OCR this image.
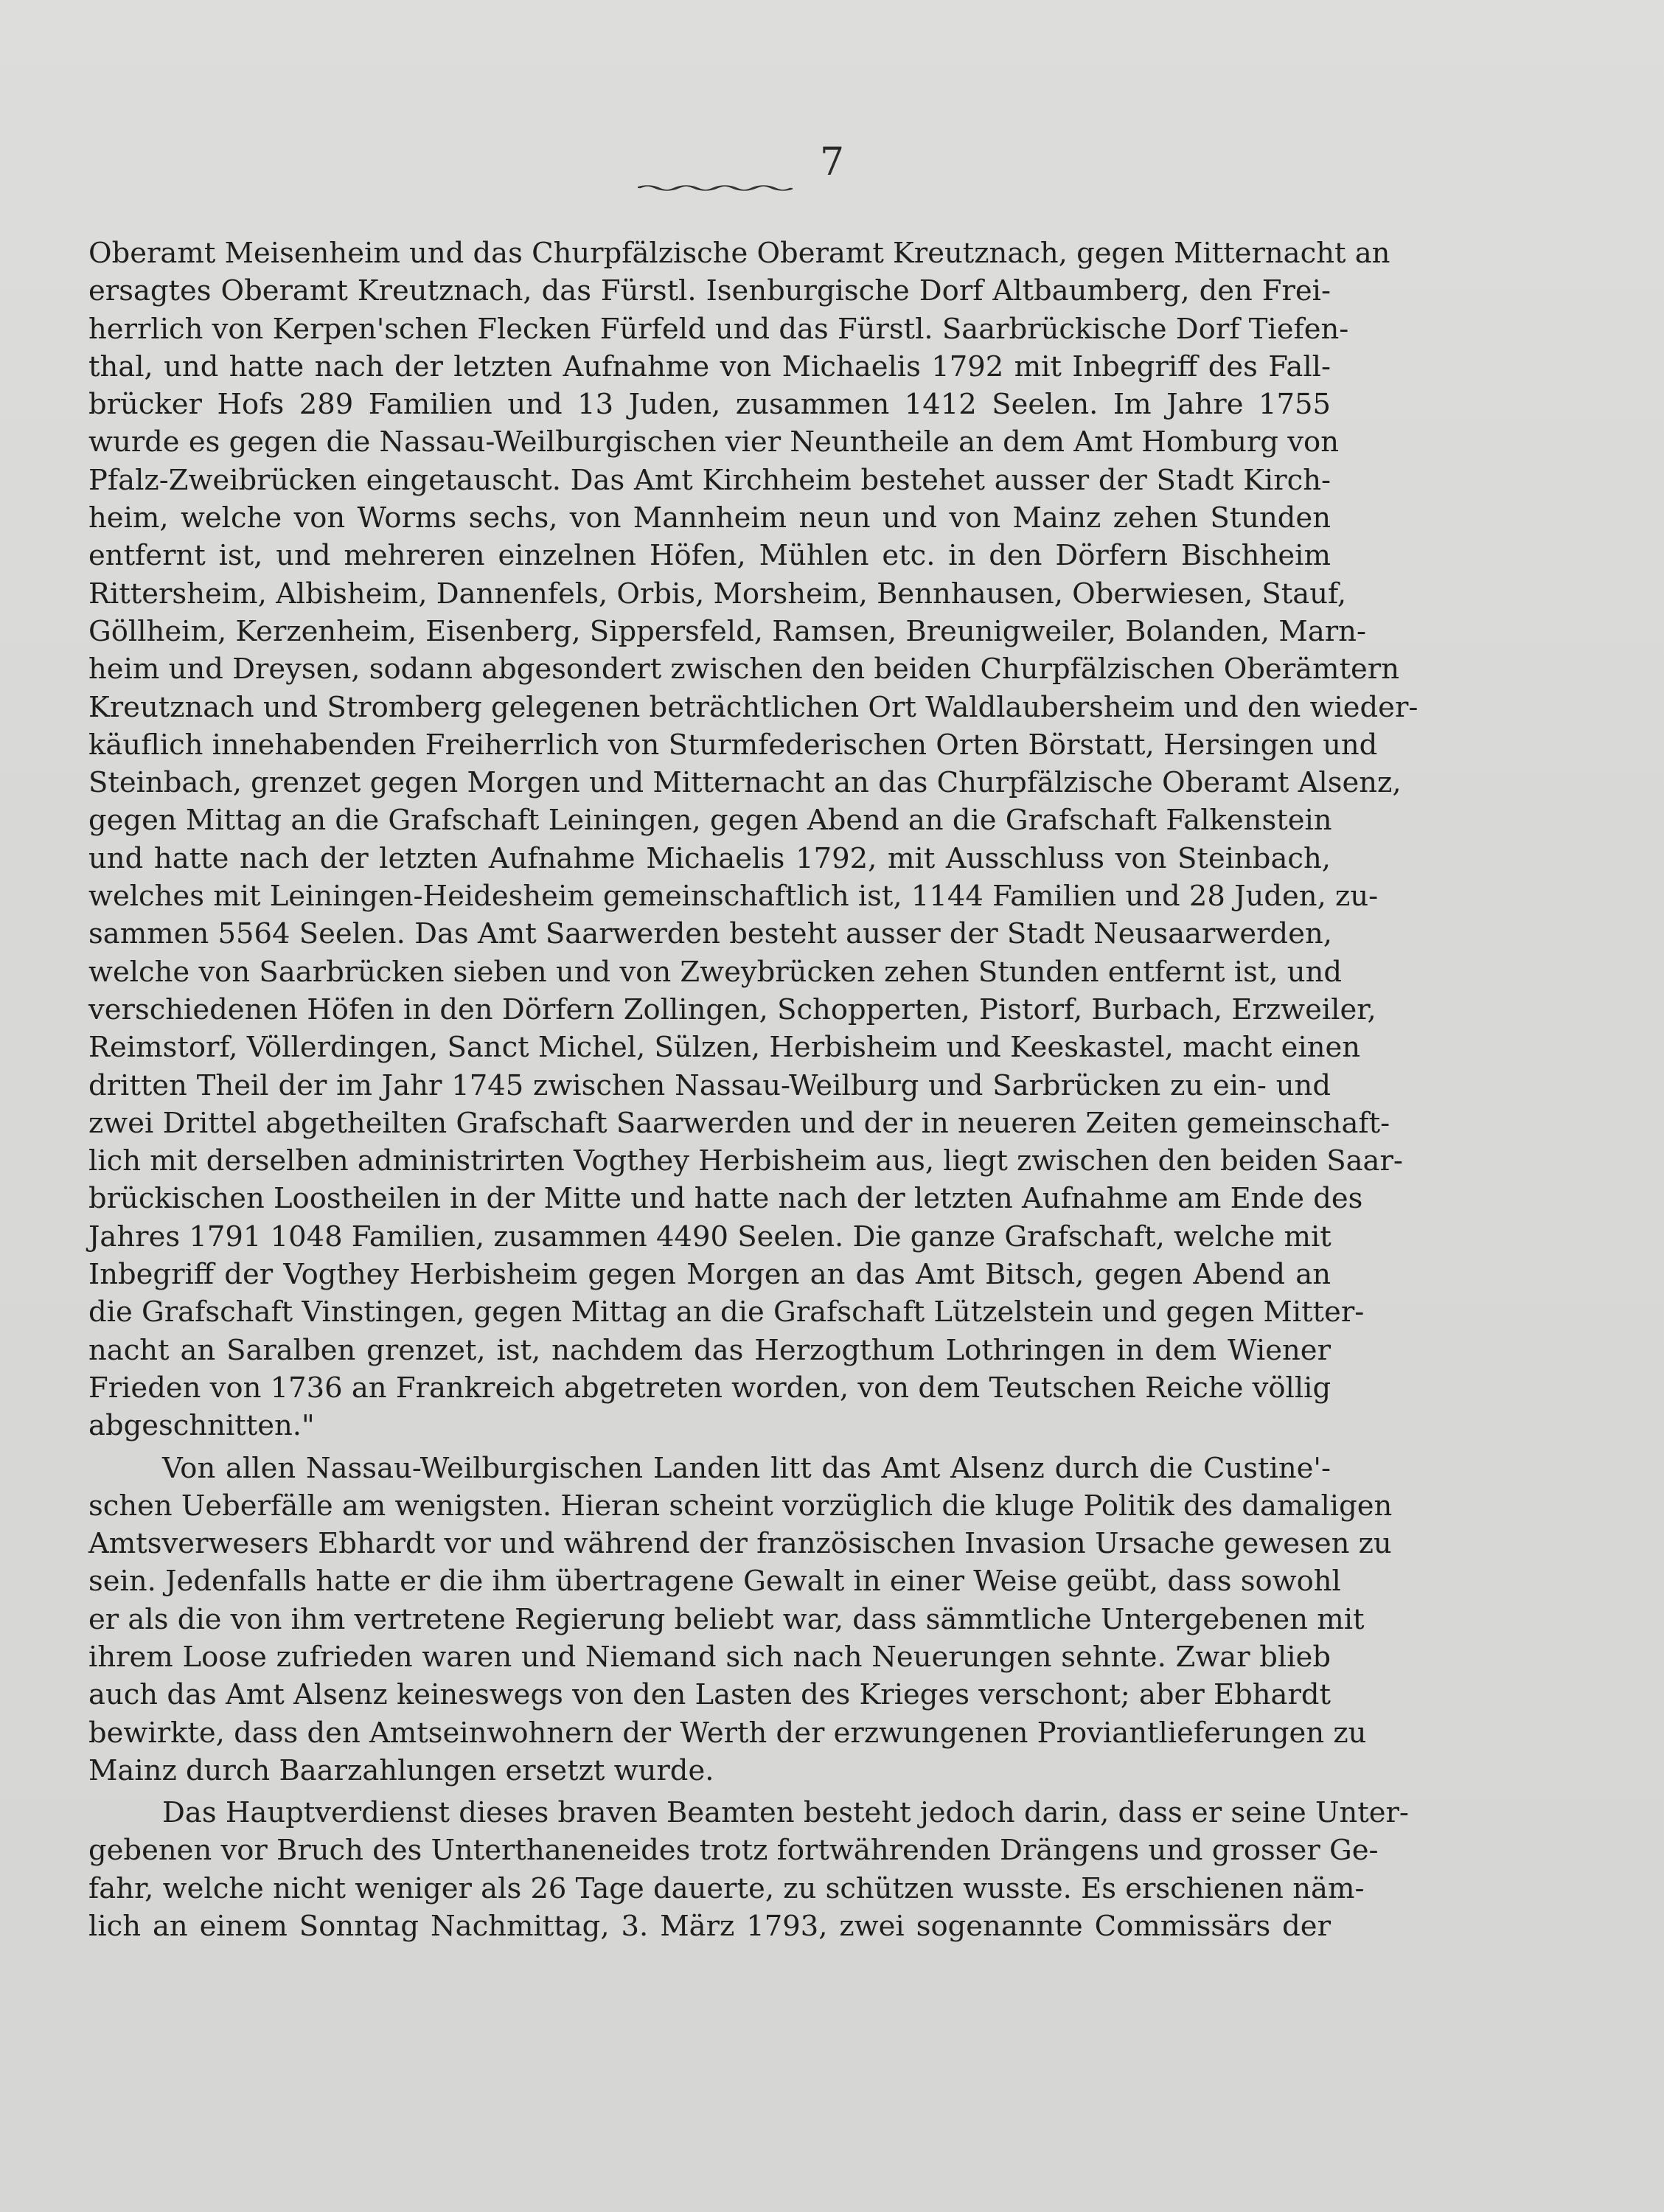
7
Oberamt Meisenheim und das Churpfälzische Oberamt Kreutznach, gegen Mitternacht an
ersagtes Oberamt Kreutznach, das Fürstl. Isenburgische Dorf Altbaumberg, den Frei-
herrlich von Kerpen'schen Flecken Fürfeld und das Fürstl. Saarbrückische Dorf Tiefen-
thal, und hatte nach der letzten Aufnahme von Michaelis 1792 mit Inbegriff des Fall-
brücker Hofs 289 Familien und 13 Juden, zusammen 1412 Seelen. Im Jahre 1755
wurde es gegen die Nassau-Weilburgischen vier Neuntheile an dem Amt Homburg von
Pfalz-Zweibrücken eingetauscht. Das Amt Kirchheim bestehet ausser der Stadt Kirch-
heim, welche von Worms sechs, von Mannheim neun und von Mainz zehen Stunden
entfernt ist, und mehreren einzelnen Höfen, Mühlen etc. in den Dörfern Bischheim
Rittersheim, Albisheim, Dannenfels, Orbis, Morsheim, Bennhausen, Oberwiesen, Stauf,
Göllheim, Kerzenheim, Eisenberg, Sippersfeld, Ramsen, Breunigweiler, Bolanden, Marn-
heim und Dreysen, sodann abgesondert zwischen den beiden Churpfälzischen Oberämtern
Kreutznach und Stromberg gelegenen beträchtlichen Ort Waldlaubersheim und den wieder-
käuflich innehabenden Freiherrlich von Sturmfederischen Orten Börstatt, Hersingen und
Steinbach, grenzet gegen Morgen und Mitternacht an das Churpfälzische Oberamt Alsenz,
gegen Mittag an die Grafschaft Leiningen, gegen Abend an die Grafschaft Falkenstein
und hatte nach der letzten Aufnahme Michaelis 1792, mit Ausschluss von Steinbach,
welches mit Leiningen-Heidesheim gemeinschaftlich ist, 1144 Familien und 28 Juden, zu-
sammen 5564 Seelen. Das Amt Saarwerden besteht ausser der Stadt Neusaarwerden,
welche von Saarbrücken sieben und von Zweybrücken zehen Stunden entfernt ist, und
verschiedenen Höfen in den Dörfern Zollingen, Schopperten, Pistorf, Burbach, Erzweiler,
Reimstorf, Völlerdingen, Sanct Michel, Sülzen, Herbisheim und Keeskastel, macht einen
dritten Theil der im Jahr 1745 zwischen Nassau-Weilburg und Sarbrücken zu ein- und
zwei Drittel abgetheilten Grafschaft Saarwerden und der in neueren Zeiten gemeinschaft-
lich mit derselben administrirten Vogthey Herbisheim aus, liegt zwischen den beiden Saar-
brückischen Loostheilen in der Mitte und hatte nach der letzten Aufnahme am Ende des
Jahres 1791 1048 Familien, zusammen 4490 Seelen. Die ganze Grafschaft, welche mit
Inbegriff der Vogthey Herbisheim gegen Morgen an das Amt Bitsch, gegen Abend an
die Grafschaft Vinstingen, gegen Mittag an die Grafschaft Lützelstein und gegen Mitter-
nacht an Saralben grenzet, ist, nachdem das Herzogthum Lothringen in dem Wiener
Frieden von 1736 an Frankreich abgetreten worden, von dem Teutschen Reiche völlig
abgeschnitten."
Von allen Nassau-Weilburgischen Landen litt das Amt Alsenz durch die Custine'-
schen Ueberfälle am wenigsten. Hieran scheint vorzüglich die kluge Politik des damaligen
Amtsverwesers Ebhardt vor und während der französischen Invasion Ursache gewesen zu
sein. Jedenfalls hatte er die ihm übertragene Gewalt in einer Weise geübt, dass sowohl
er als die von ihm vertretene Regierung beliebt war, dass sämmtliche Untergebenen mit
ihrem Loose zufrieden waren und Niemand sich nach Neuerungen sehnte. Zwar blieb
auch das Amt Alsenz keineswegs von den Lasten des Krieges verschont; aber Ebhardt
bewirkte, dass den Amtseinwohnern der Werth der erzwungenen Proviantlieferungen zu
Mainz durch Baarzahlungen ersetzt wurde.
Das Hauptverdienst dieses braven Beamten besteht jedoch darin, dass er seine Unter-
gebenen vor Bruch des Unterthaneneides trotz fortwährenden Drängens und grosser Ge-
fahr, welche nicht weniger als 26 Tage dauerte, zu schützen wusste. Es erschienen näm-
lich an einem Sonntag Nachmittag, 3. März 1793, zwei sogenannte Commissärs der
